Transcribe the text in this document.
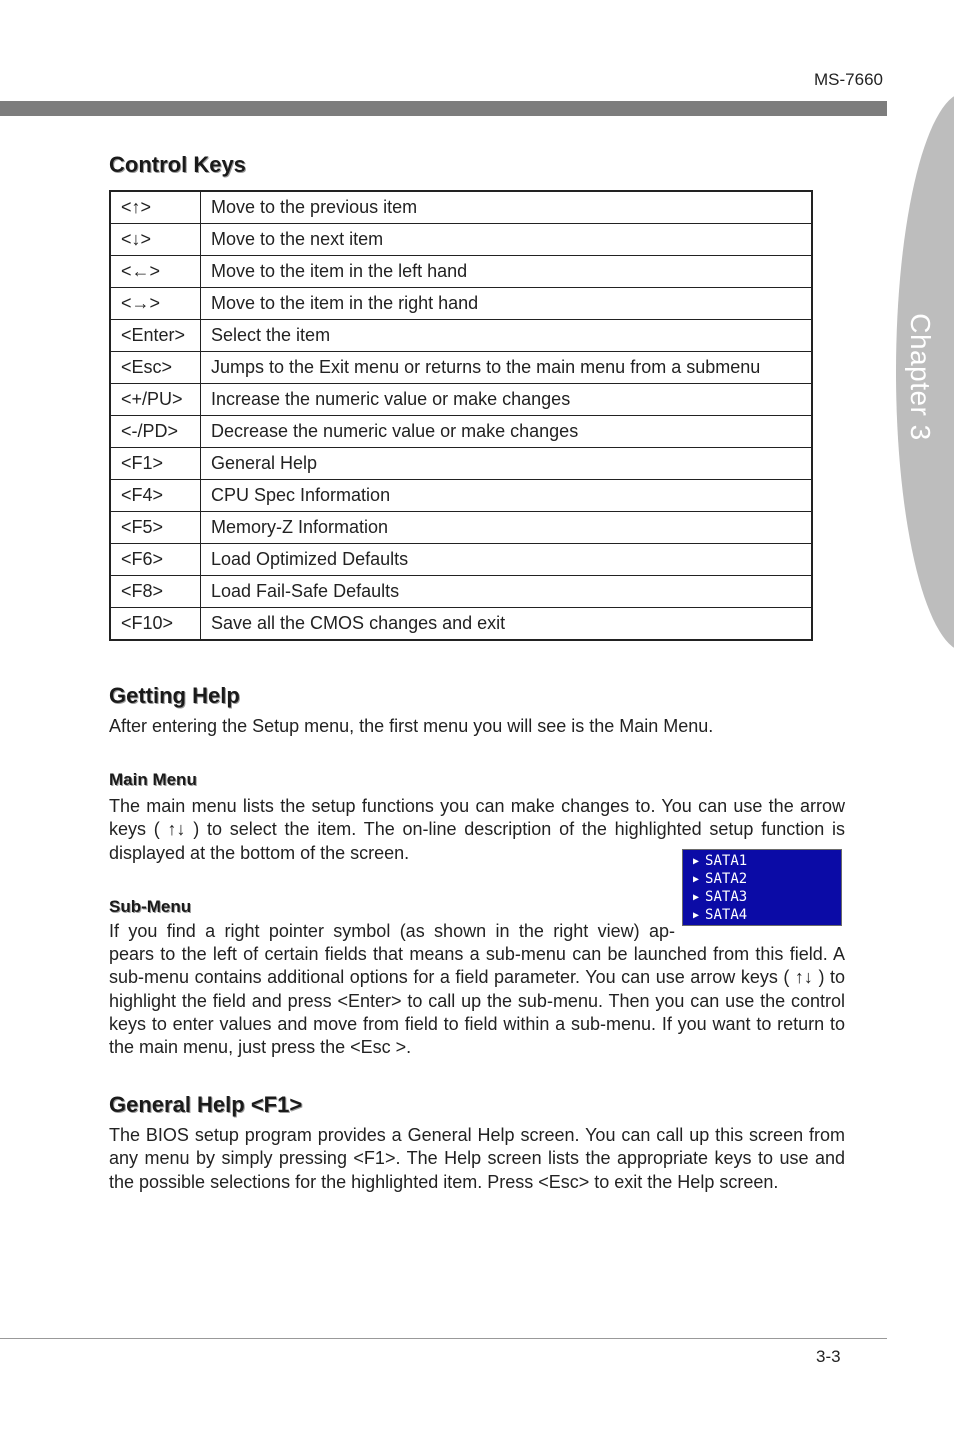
MS-7660
Chapter 3
Control Keys
<↑>	Move to the previous item
<↓>	Move to the next item
<←>	Move to the item in the left hand
<→>	Move to the item in the right hand
<Enter>	Select the item
<Esc>	Jumps to the Exit menu or returns to the main menu from a submenu
<+/PU>	Increase the numeric value or make changes
<-/PD>	Decrease the numeric value or make changes
<F1>	General Help
<F4>	CPU Spec Information
<F5>	Memory-Z Information
<F6>	Load Optimized Defaults
<F8>	Load Fail-Safe Defaults
<F10>	Save all the CMOS changes and exit
Getting Help

After entering the Setup menu, the first menu you will see is the Main Menu.

Main Menu

The main menu lists the setup functions you can make changes to. You can use the arrow keys ( ↑↓ ) to select the item. The on-line description of the highlighted setup function is displayed at the bottom of the screen.	▶ SATA1
▶ SATA2
▶ SATA3
▶ SATA4
Sub-Menu

If you find a right pointer symbol (as shown in the right view) ap-

pears to the left of certain fields that means a sub-menu can be launched from this field. A sub-menu contains additional options for a field parameter. You can use arrow keys ( ↑↓ ) to highlight the field and press <Enter> to call up the sub-menu. Then you can use the control keys to enter values and move from field to field within a sub-menu. If you want to return to the main menu, just press the <Esc >.

General Help <F1>

The BIOS setup program provides a General Help screen. You can call up this screen from any menu by simply pressing <F1>. The Help screen lists the appropriate keys to use and the possible selections for the highlighted item. Press <Esc> to exit the Help screen.

3-3
